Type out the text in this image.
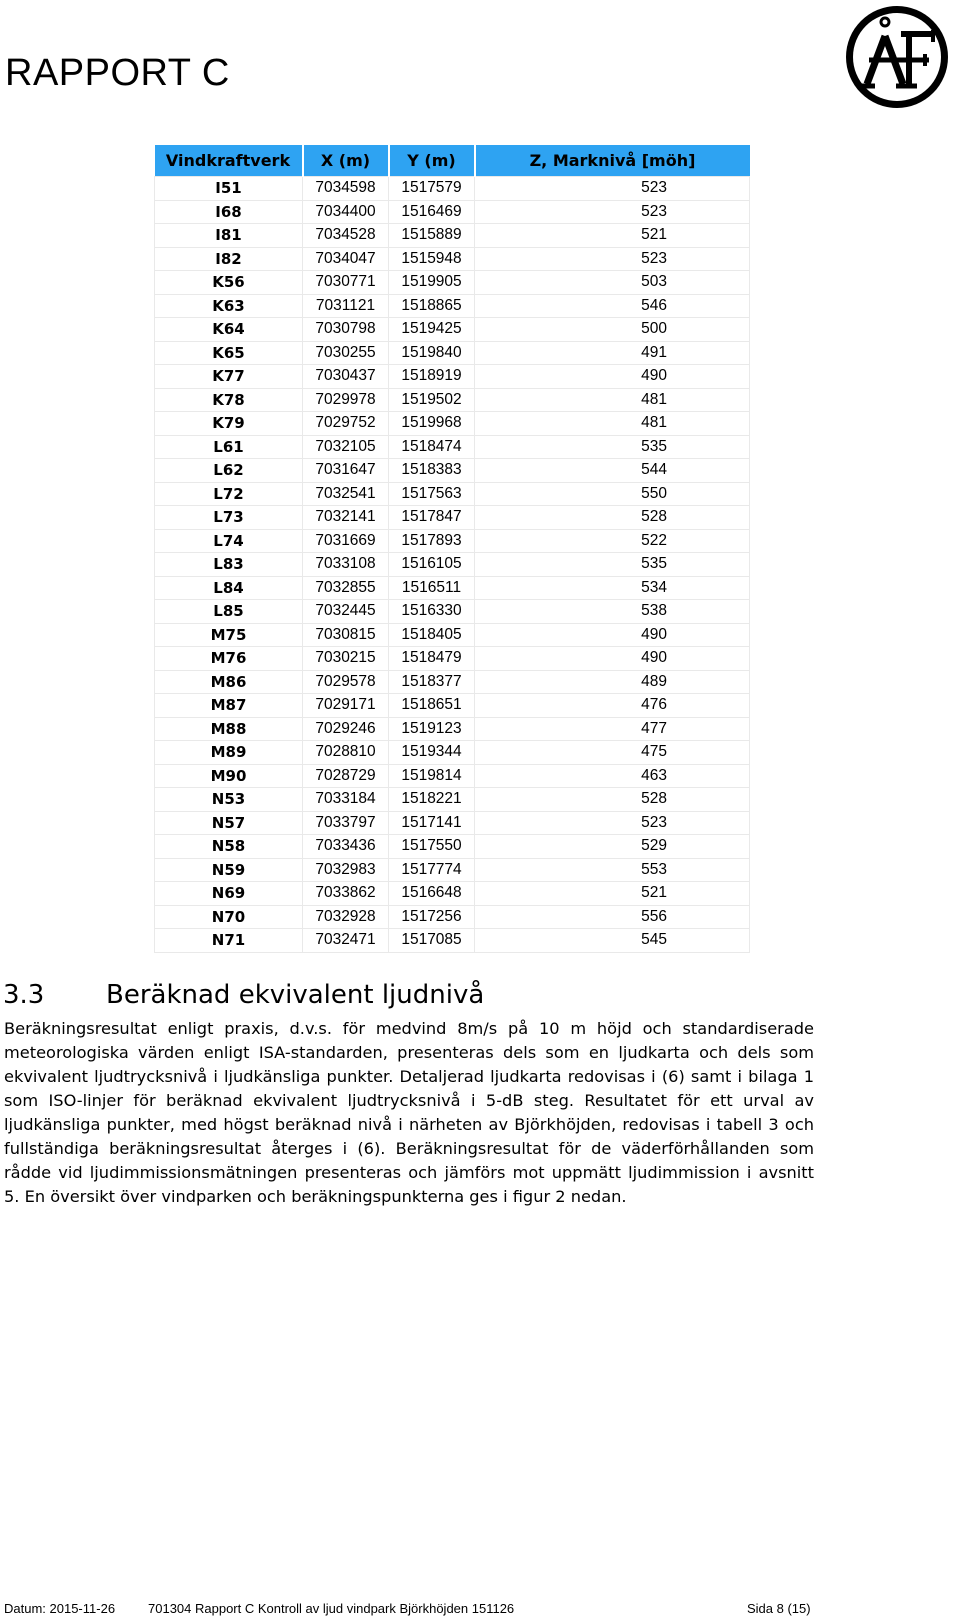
RAPPORT C
Vindkraftverk	X (m)	Y (m)	Z, Marknivå [möh]
I51	7034598	1517579	523
I68	7034400	1516469	523
I81	7034528	1515889	521
I82	7034047	1515948	523
K56	7030771	1519905	503
K63	7031121	1518865	546
K64	7030798	1519425	500
K65	7030255	1519840	491
K77	7030437	1518919	490
K78	7029978	1519502	481
K79	7029752	1519968	481
L61	7032105	1518474	535
L62	7031647	1518383	544
L72	7032541	1517563	550
L73	7032141	1517847	528
L74	7031669	1517893	522
L83	7033108	1516105	535
L84	7032855	1516511	534
L85	7032445	1516330	538
M75	7030815	1518405	490
M76	7030215	1518479	490
M86	7029578	1518377	489
M87	7029171	1518651	476
M88	7029246	1519123	477
M89	7028810	1519344	475
M90	7028729	1519814	463
N53	7033184	1518221	528
N57	7033797	1517141	523
N58	7033436	1517550	529
N59	7032983	1517774	553
N69	7033862	1516648	521
N70	7032928	1517256	556
N71	7032471	1517085	545
3.3 Beräknad ekvivalent ljudnivå
Beräkningsresultat enligt praxis, d.v.s. för medvind 8m/s på 10 m höjd och standardiserade meteorologiska värden enligt ISA-standarden, presenteras dels som en ljudkarta och dels som ekvivalent ljudtrycksnivå i ljudkänsliga punkter. Detaljerad ljudkarta redovisas i (6) samt i bilaga 1 som ISO-linjer för beräknad ekvivalent ljudtrycksnivå i 5-dB steg. Resultatet för ett urval av ljudkänsliga punkter, med högst beräknad nivå i närheten av Björkhöjden, redovisas i tabell 3 och fullständiga beräkningsresultat återges i (6). Beräkningsresultat för de väderförhållanden som rådde vid ljudimmissionsmätningen presenteras och jämförs mot uppmätt ljudimmission i avsnitt 5. En översikt över vindparken och beräkningspunkterna ges i figur 2 nedan.
Datum: 2015-11-26	701304 Rapport C Kontroll av ljud vindpark Björkhöjden 151126	Sida 8 (15)
